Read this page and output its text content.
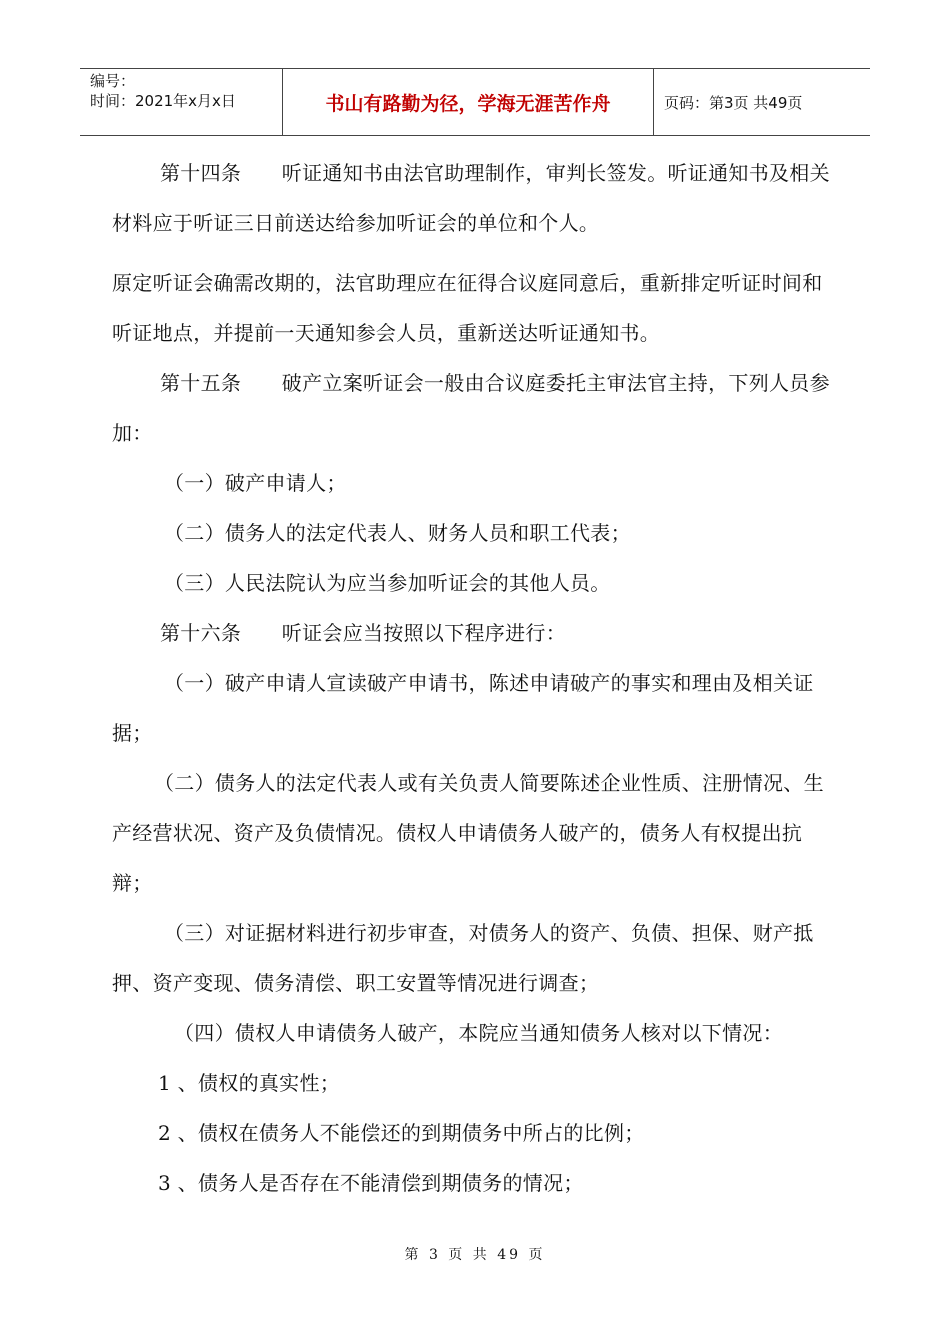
编号：
时间：2021年x月x日	书山有路勤为径，学海无涯苦作舟	页码：第3页 共49页

第十四条　　听证通知书由法官助理制作，审判长签发。听证通知书及相关材料应于听证三日前送达给参加听证会的单位和个人。

原定听证会确需改期的，法官助理应在征得合议庭同意后，重新排定听证时间和听证地点，并提前一天通知参会人员，重新送达听证通知书。

第十五条　　破产立案听证会一般由合议庭委托主审法官主持，下列人员参加：

（一）破产申请人；

（二）债务人的法定代表人、财务人员和职工代表；

（三）人民法院认为应当参加听证会的其他人员。

第十六条　　听证会应当按照以下程序进行：

（一）破产申请人宣读破产申请书，陈述申请破产的事实和理由及相关证据；

（二）债务人的法定代表人或有关负责人简要陈述企业性质、注册情况、生产经营状况、资产及负债情况。债权人申请债务人破产的，债务人有权提出抗辩；

（三）对证据材料进行初步审查，对债务人的资产、负债、担保、财产抵押、资产变现、债务清偿、职工安置等情况进行调查；

（四）债权人申请债务人破产，本院应当通知债务人核对以下情况：

1 、债权的真实性；

2 、债权在债务人不能偿还的到期债务中所占的比例；

3 、债务人是否存在不能清偿到期债务的情况；

第 3 页 共 49 页
